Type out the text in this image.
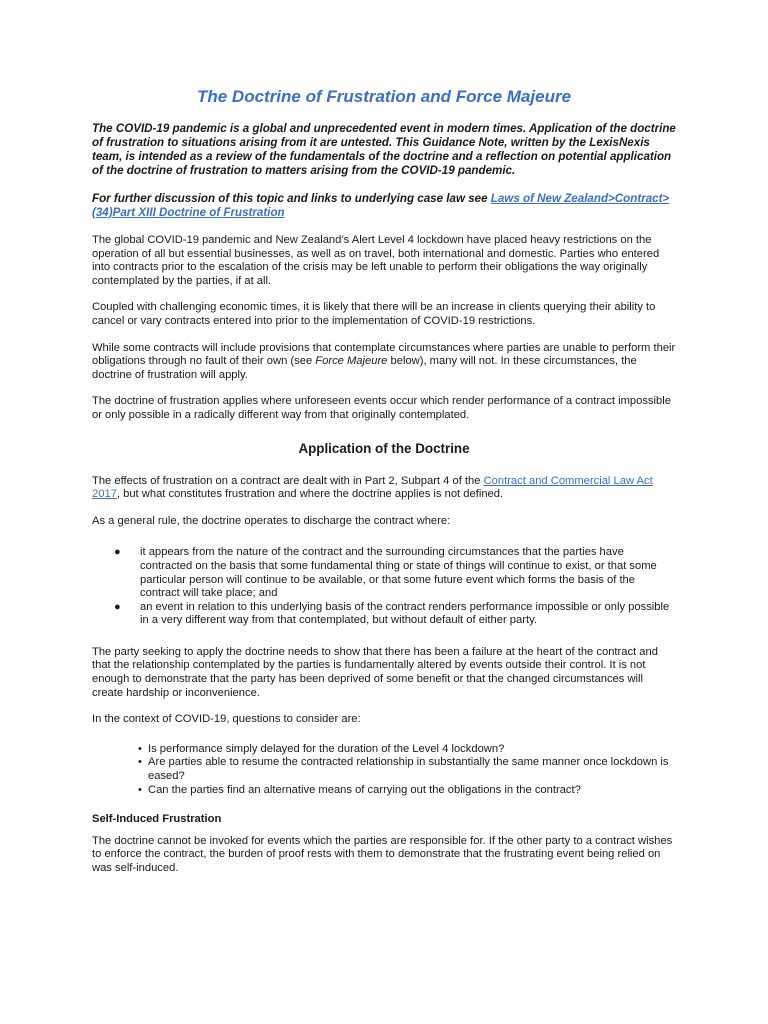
The Doctrine of Frustration and Force Majeure

The COVID-19 pandemic is a global and unprecedented event in modern times. Application of the doctrine of frustration to situations arising from it are untested. This Guidance Note, written by the LexisNexis team, is intended as a review of the fundamentals of the doctrine and a reflection on potential application of the doctrine of frustration to matters arising from the COVID-19 pandemic.

For further discussion of this topic and links to underlying case law see Laws of New Zealand>Contract>(34)Part XIII Doctrine of Frustration

The global COVID-19 pandemic and New Zealand’s Alert Level 4 lockdown have placed heavy restrictions on the operation of all but essential businesses, as well as on travel, both international and domestic. Parties who entered into contracts prior to the escalation of the crisis may be left unable to perform their obligations the way originally contemplated by the parties, if at all.

Coupled with challenging economic times, it is likely that there will be an increase in clients querying their ability to cancel or vary contracts entered into prior to the implementation of COVID-19 restrictions.

While some contracts will include provisions that contemplate circumstances where parties are unable to perform their obligations through no fault of their own (see Force Majeure below), many will not. In these circumstances, the doctrine of frustration will apply.

The doctrine of frustration applies where unforeseen events occur which render performance of a contract impossible or only possible in a radically different way from that originally contemplated.

Application of the Doctrine

The effects of frustration on a contract are dealt with in Part 2, Subpart 4 of the Contract and Commercial Law Act 2017, but what constitutes frustration and where the doctrine applies is not defined.

As a general rule, the doctrine operates to discharge the contract where:

● it appears from the nature of the contract and the surrounding circumstances that the parties have contracted on the basis that some fundamental thing or state of things will continue to exist, or that some particular person will continue to be available, or that some future event which forms the basis of the contract will take place; and
● an event in relation to this underlying basis of the contract renders performance impossible or only possible in a very different way from that contemplated, but without default of either party.

The party seeking to apply the doctrine needs to show that there has been a failure at the heart of the contract and that the relationship contemplated by the parties is fundamentally altered by events outside their control. It is not enough to demonstrate that the party has been deprived of some benefit or that the changed circumstances will create hardship or inconvenience.

In the context of COVID-19, questions to consider are:

• Is performance simply delayed for the duration of the Level 4 lockdown?
• Are parties able to resume the contracted relationship in substantially the same manner once lockdown is eased?
• Can the parties find an alternative means of carrying out the obligations in the contract?
Self-Induced Frustration

The doctrine cannot be invoked for events which the parties are responsible for. If the other party to a contract wishes to enforce the contract, the burden of proof rests with them to demonstrate that the frustrating event being relied on was self-induced.
